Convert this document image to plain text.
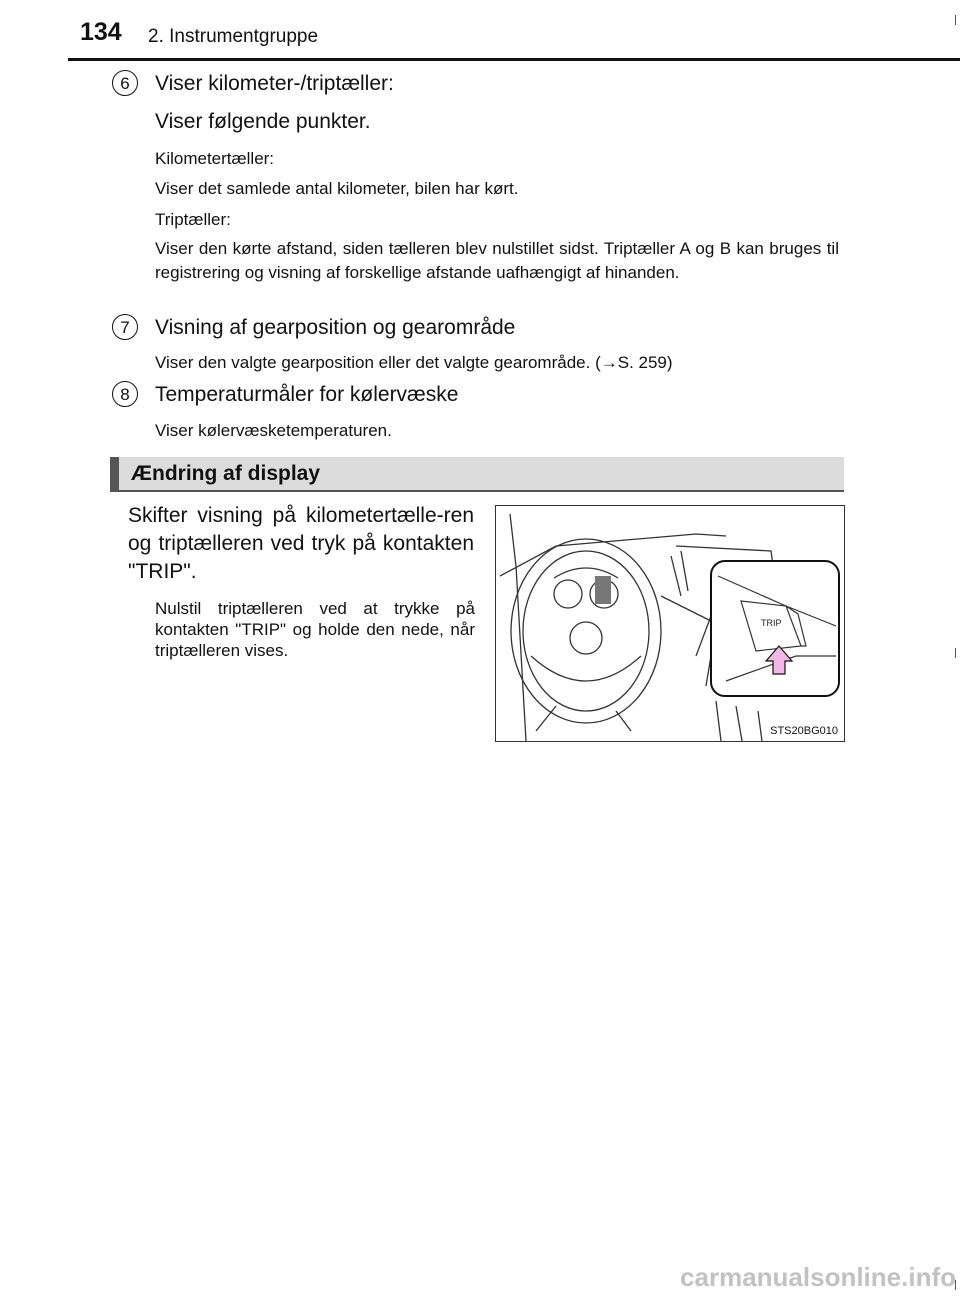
134 2. Instrumentgruppe
6	Viser kilometer-/triptæller:
Viser følgende punkter.
Kilometertæller:
Viser det samlede antal kilometer, bilen har kørt.
Triptæller:
Viser den kørte afstand, siden tælleren blev nulstillet sidst. Triptæller A og B kan bruges til registrering og visning af forskellige afstande uafhængigt af hinanden.
7	Visning af gearposition og gearområde
Viser den valgte gearposition eller det valgte gearområde. (→S. 259)
8	Temperaturmåler for kølervæske
Viser kølervæsketemperaturen.
Ændring af display
Skifter visning på kilometertælle-ren og triptælleren ved tryk på kontakten "TRIP".
Nulstil triptælleren ved at trykke på kontakten "TRIP" og holde den nede, når triptælleren vises.
TRIP
STS20BG010
carmanualsonline.info
